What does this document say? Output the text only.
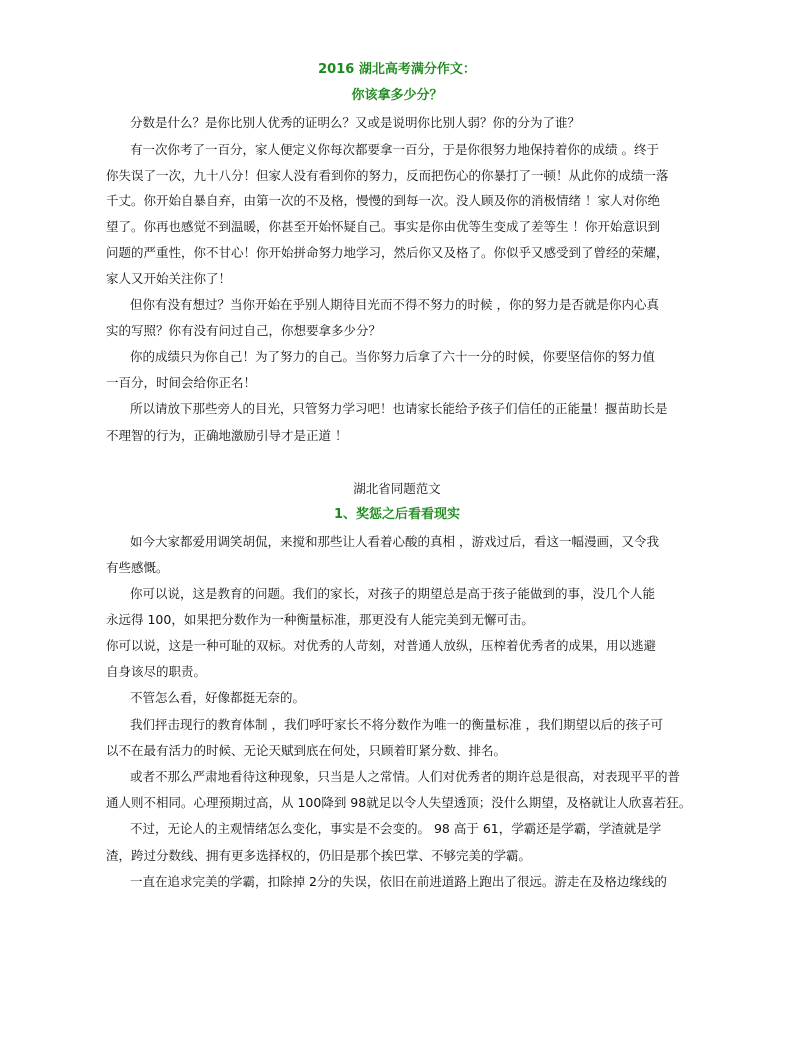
2016 湖北高考满分作文：
你该拿多少分？
分数是什么？是你比别人优秀的证明么？又或是说明你比别人弱？你的分为了谁？
有一次你考了一百分，家人便定义你每次都要拿一百分，于是你很努力地保持着你的成绩 。终于
你失误了一次，九十八分！但家人没有看到你的努力，反而把伤心的你暴打了一顿！从此你的成绩一落
千丈。你开始自暴自弃，由第一次的不及格，慢慢的到每一次。没人顾及你的消极情绪 ！家人对你绝
望了。你再也感觉不到温暖，你甚至开始怀疑自己。事实是你由优等生变成了差等生 ！你开始意识到
问题的严重性，你不甘心！你开始拼命努力地学习，然后你又及格了。你似乎又感受到了曾经的荣耀，
家人又开始关注你了！
但你有没有想过？当你开始在乎别人期待目光而不得不努力的时候 ，你的努力是否就是你内心真
实的写照？你有没有问过自己，你想要拿多少分？
你的成绩只为你自己！为了努力的自己。当你努力后拿了六十一分的时候，你要坚信你的努力值
一百分，时间会给你正名！
所以请放下那些旁人的目光，只管努力学习吧！也请家长能给予孩子们信任的正能量！揠苗助长是
不理智的行为，正确地激励引导才是正道 ！
湖北省同题范文
1、奖惩之后看看现实
如今大家都爱用调笑胡侃，来搅和那些让人看着心酸的真相 ，游戏过后，看这一幅漫画，又令我
有些感慨。
你可以说，这是教育的问题。我们的家长，对孩子的期望总是高于孩子能做到的事，没几个人能
永远得 100，如果把分数作为一种衡量标准，那更没有人能完美到无懈可击。
你可以说，这是一种可耻的双标。对优秀的人苛刻，对普通人放纵，压榨着优秀者的成果，用以逃避
自身该尽的职责。
不管怎么看，好像都挺无奈的。
我们抨击现行的教育体制 ，我们呼吁家长不将分数作为唯一的衡量标准 ，我们期望以后的孩子可
以不在最有活力的时候、无论天赋到底在何处，只顾着盯紧分数、排名。
或者不那么严肃地看待这种现象，只当是人之常情。人们对优秀者的期许总是很高，对表现平平的普
通人则不相同。心理预期过高，从 100降到 98就足以令人失望透顶；没什么期望，及格就让人欣喜若狂。
不过，无论人的主观情绪怎么变化，事实是不会变的。 98 高于 61，学霸还是学霸，学渣就是学
渣，跨过分数线、拥有更多选择权的，仍旧是那个挨巴掌、不够完美的学霸。
一直在追求完美的学霸，扣除掉 2分的失误，依旧在前进道路上跑出了很远。游走在及格边缘线的
